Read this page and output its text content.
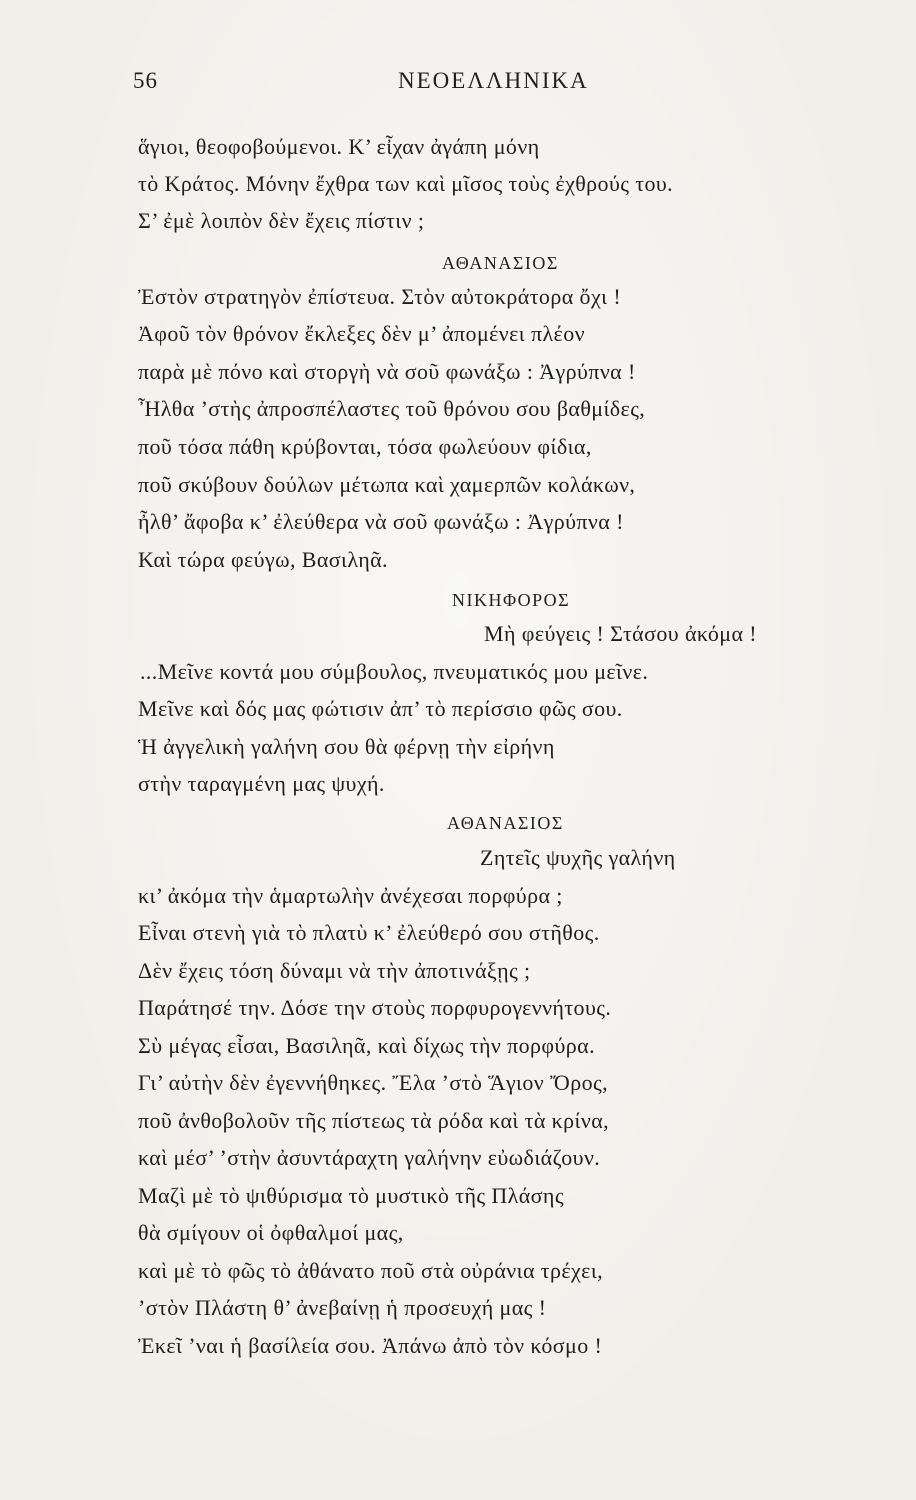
56	ΝΕΟΕΛΛΗΝΙΚΑ
ἅγιοι, θεοφοβούμενοι. Κ’ εἶχαν ἀγάπη μόνη
τὸ Κράτος. Μόνην ἔχθρα των καὶ μῖσος τοὺς ἐχθρούς του.
Σ’ ἐμὲ λοιπὸν δὲν ἔχεις πίστιν ;
ΑΘΑΝΑΣΙΟΣ
Ἐστὸν στρατηγὸν ἐπίστευα. Στὸν αὐτοκράτορα ὄχι !
Ἀφοῦ τὸν θρόνον ἔκλεξες δὲν μ’ ἀπομένει πλέον
παρὰ μὲ πόνο καὶ στοργὴ νὰ σοῦ φωνάξω : Ἀγρύπνα !
Ἦλθα ’στὴς ἀπροσπέλαστες τοῦ θρόνου σου βαθμίδες,
ποῦ τόσα πάθη κρύβονται, τόσα φωλεύουν φίδια,
ποῦ σκύβουν δούλων μέτωπα καὶ χαμερπῶν κολάκων,
ἦλθ’ ἄφοβα κ’ ἐλεύθερα νὰ σοῦ φωνάξω : Ἀγρύπνα !
Καὶ τώρα φεύγω, Βασιληᾶ.
ΝΙΚΗΦΟΡΟΣ
Μὴ φεύγεις ! Στάσου ἀκόμα !
...Μεῖνε κοντά μου σύμβουλος, πνευματικός μου μεῖνε.
Μεῖνε καὶ δός μας φώτισιν ἀπ’ τὸ περίσσιο φῶς σου.
Ἡ ἀγγελικὴ γαλήνη σου θὰ φέρνῃ τὴν εἰρήνη
στὴν ταραγμένη μας ψυχή.
ΑΘΑΝΑΣΙΟΣ
Ζητεῖς ψυχῆς γαλήνη
κι’ ἀκόμα τὴν ἁμαρτωλὴν ἀνέχεσαι πορφύρα ;
Εἶναι στενὴ γιὰ τὸ πλατὺ κ’ ἐλεύθερό σου στῆθος.
Δὲν ἔχεις τόση δύναμι νὰ τὴν ἀποτινάξῃς ;
Παράτησέ την. Δόσε την στοὺς πορφυρογεννήτους.
Σὺ μέγας εἶσαι, Βασιληᾶ, καὶ δίχως τὴν πορφύρα.
Γι’ αὐτὴν δὲν ἐγεννήθηκες. Ἔλα ’στὸ Ἅγιον Ὄρος,
ποῦ ἀνθοβολοῦν τῆς πίστεως τὰ ρόδα καὶ τὰ κρίνα,
καὶ μέσ’ ’στὴν ἀσυντάραχτη γαλήνην εὐωδιάζουν.
Μαζὶ μὲ τὸ ψιθύρισμα τὸ μυστικὸ τῆς Πλάσης
θὰ σμίγουν οἱ ὀφθαλμοί μας,
καὶ μὲ τὸ φῶς τὸ ἀθάνατο ποῦ στὰ οὐράνια τρέχει,
’στὸν Πλάστη θ’ ἀνεβαίνῃ ἡ προσευχή μας !
Ἐκεῖ ’ναι ἡ βασίλεία σου. Ἀπάνω ἀπὸ τὸν κόσμο !
